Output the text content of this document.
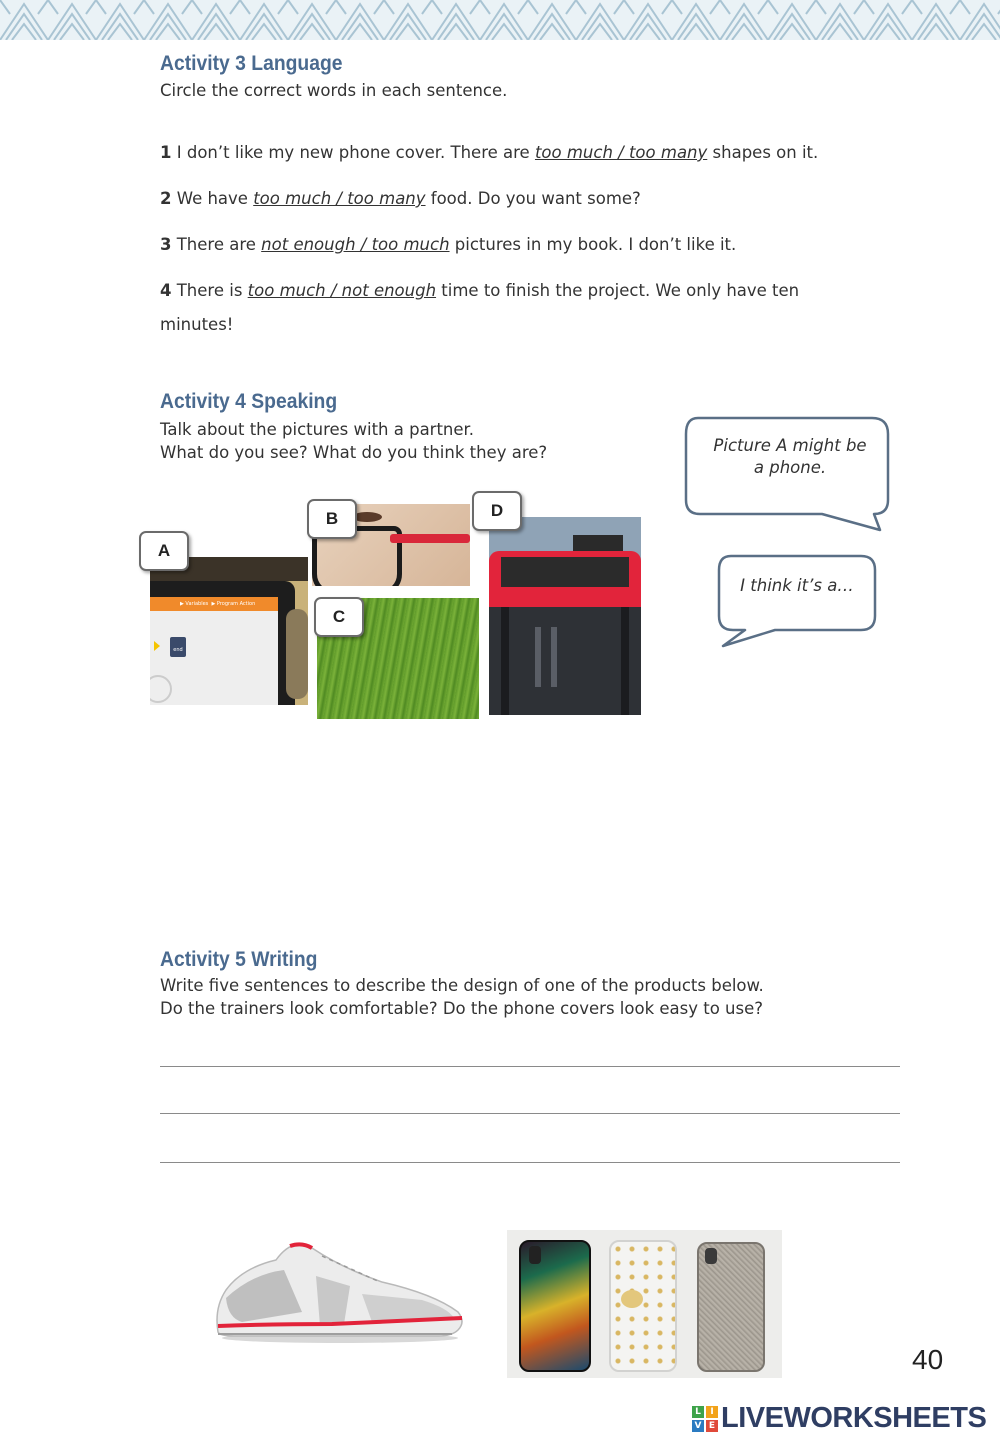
Activity 3 Language
Circle the correct words in each sentence.
1 I don’t like my new phone cover. There are too much / too many shapes on it.
2 We have too much / too many food. Do you want some?
3 There are not enough / too much pictures in my book. I don’t like it.
4 There is too much / not enough time to finish the project. We only have ten
minutes!
Activity 4 Speaking
Talk about the pictures with a partner.
What do you see? What do you think they are?
▶ Variables ▶ Program Action
end
A
B
C
D
Picture A might be
a phone.
I think it’s a…
Activity 5 Writing
Write five sentences to describe the design of one of the products below.
Do the trainers look comfortable? Do the phone covers look easy to use?
40
L	I
V E LIVEWORKSHEETS
